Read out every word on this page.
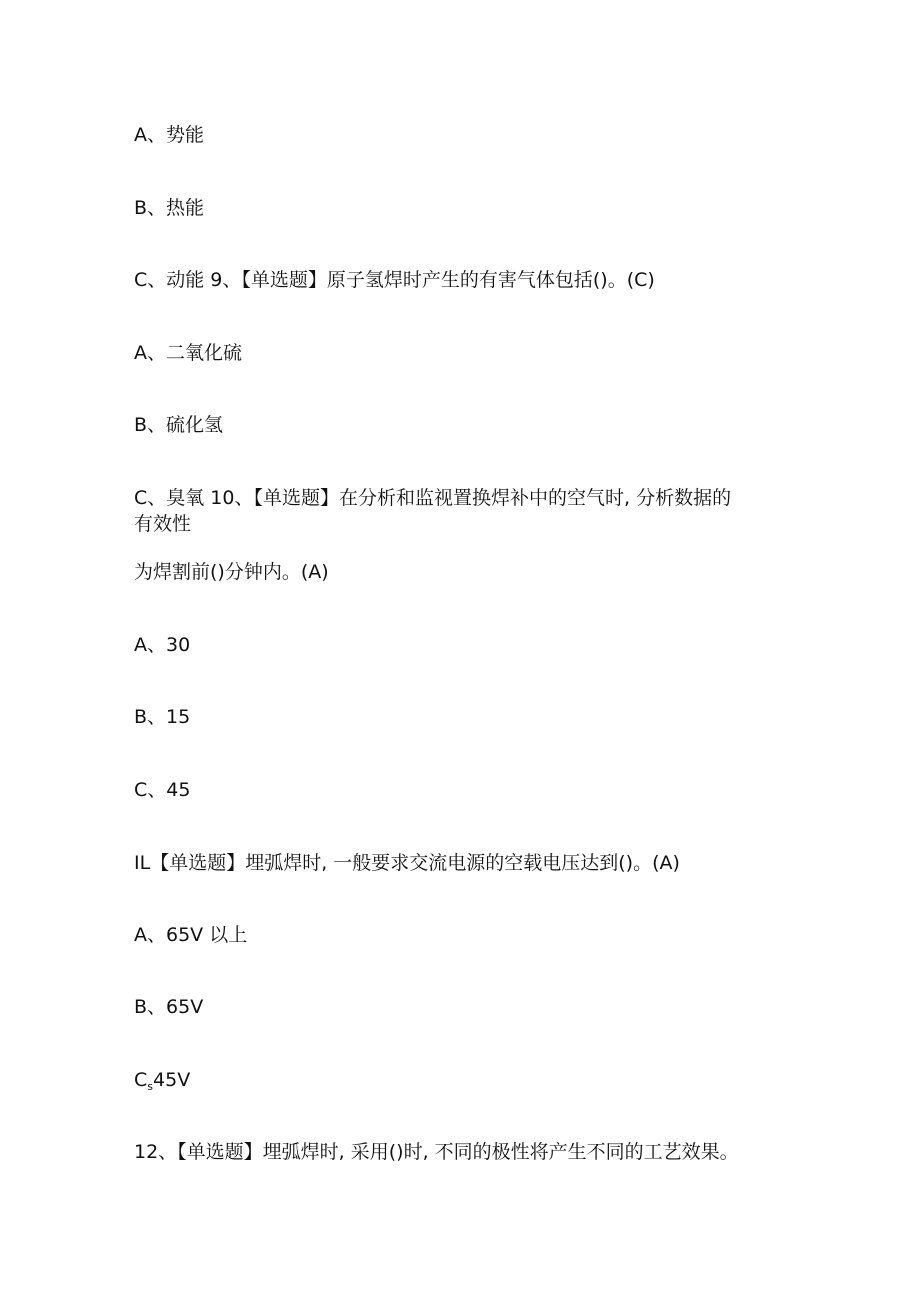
A、势能
B、热能
C、动能 9、【单选题】原子氢焊时产生的有害气体包括()。(C)
A、二氧化硫
B、硫化氢
C、臭氧 10、【单选题】在分析和监视置换焊补中的空气时, 分析数据的
有效性
为焊割前()分钟内。(A)
A、30
B、15
C、45
IL【单选题】埋弧焊时, 一般要求交流电源的空载电压达到()。(A)
A、65V 以上
B、65V
$C_s45V$
12、【单选题】埋弧焊时, 采用()时, 不同的极性将产生不同的工艺效果。
